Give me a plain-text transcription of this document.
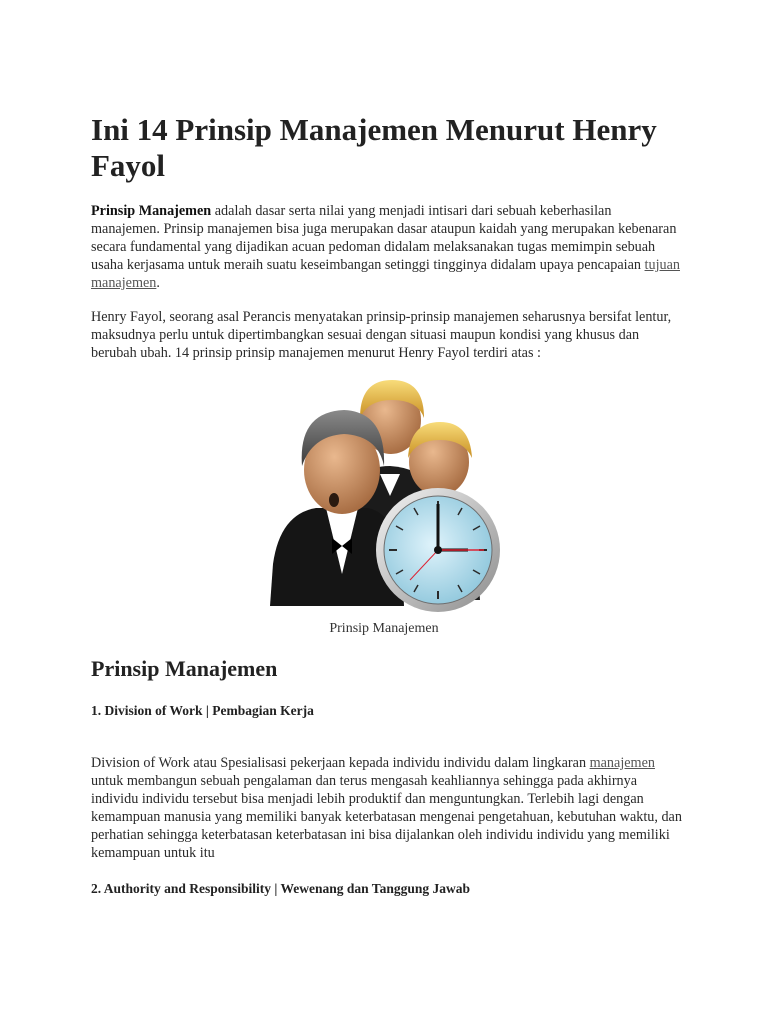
Ini 14 Prinsip Manajemen Menurut Henry Fayol

Prinsip Manajemen adalah dasar serta nilai yang menjadi intisari dari sebuah keberhasilan manajemen. Prinsip manajemen bisa juga merupakan dasar ataupun kaidah yang merupakan kebenaran secara fundamental yang dijadikan acuan pedoman didalam melaksanakan tugas memimpin sebuah usaha kerjasama untuk meraih suatu keseimbangan setinggi tingginya didalam upaya pencapaian tujuan manajemen.

Henry Fayol, seorang asal Perancis menyatakan prinsip-prinsip manajemen seharusnya bersifat lentur, maksudnya perlu untuk dipertimbangkan sesuai dengan situasi maupun kondisi yang khusus dan berubah ubah. 14 prinsip prinsip manajemen menurut Henry Fayol terdiri atas :

Prinsip Manajemen
Prinsip Manajemen
1. Division of Work | Pembagian Kerja

Division of Work atau Spesialisasi pekerjaan kepada individu individu dalam lingkaran manajemen untuk membangun sebuah pengalaman dan terus mengasah keahliannya sehingga pada akhirnya individu individu tersebut bisa menjadi lebih produktif dan menguntungkan. Terlebih lagi dengan kemampuan manusia yang memiliki banyak keterbatasan mengenai pengetahuan, kebutuhan waktu, dan perhatian sehingga keterbatasan keterbatasan ini bisa dijalankan oleh individu individu yang memiliki kemampuan untuk itu

2. Authority and Responsibility | Wewenang dan Tanggung Jawab
